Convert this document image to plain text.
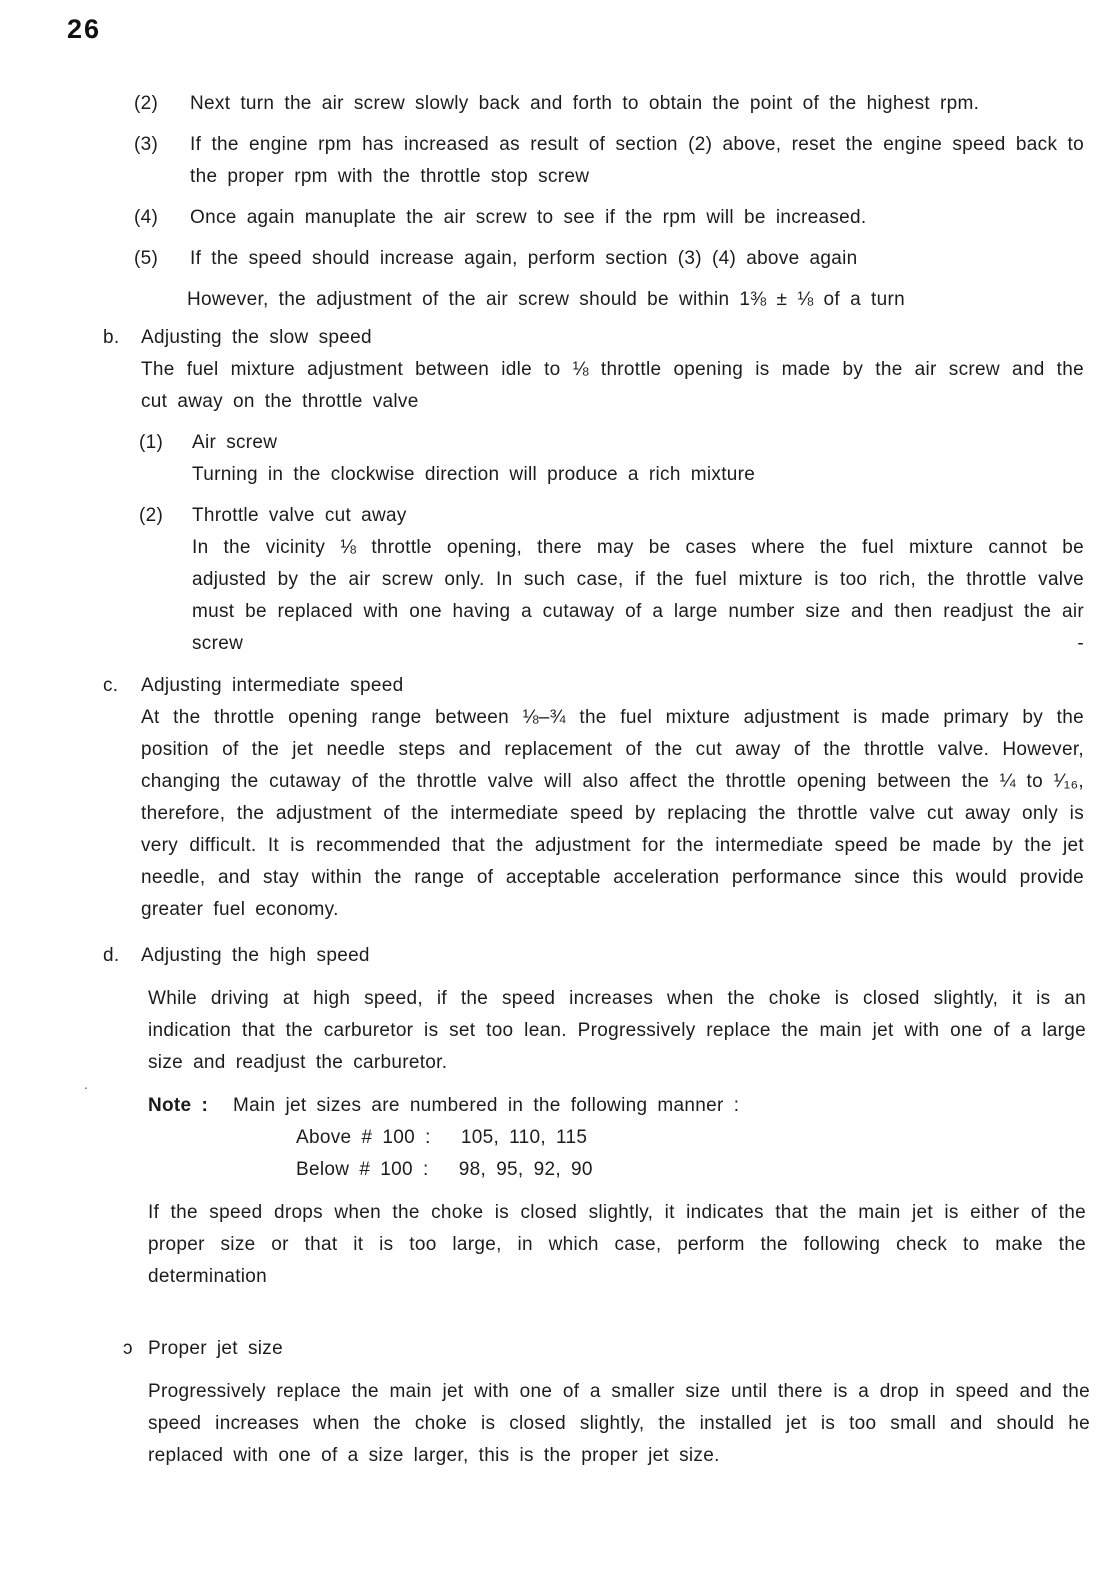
26
.
(2)	Next turn the air screw slowly back and forth to obtain the point of the highest rpm.
(3)	If the engine rpm has increased as result of section (2) above, reset the engine speed back to the proper rpm with the throttle stop screw
(4)	Once again manuplate the air screw to see if the rpm will be increased.
(5)	If the speed should increase again, perform section (3) (4) above again
However, the adjustment of the air screw should be within 1⅜ ± ⅛ of a turn
b.	Adjusting the slow speed
The fuel mixture adjustment between idle to ⅛ throttle opening is made by the air screw and the cut away on the throttle valve
(1)	Air screw
Turning in the clockwise direction will produce a rich mixture
(2)	Throttle valve cut away
In the vicinity ⅛ throttle opening, there may be cases where the fuel mixture cannot be adjusted by the air screw only. In such case, if the fuel mixture is too rich, the throttle valve must be replaced with one having a cutaway of a large number size and then readjust the air screw	-
c.	Adjusting intermediate speed
At the throttle opening range between ⅛–¾ the fuel mixture adjustment is made primary by the position of the jet needle steps and replacement of the cut away of the throttle valve. However, changing the cutaway of the throttle valve will also affect the throttle opening between the ¼ to ¹⁄₁₆, therefore, the adjustment of the intermediate speed by replacing the throttle valve cut away only is very difficult. It is recommended that the adjustment for the intermediate speed be made by the jet needle, and stay within the range of acceptable acceleration performance since this would provide greater fuel economy.
d.	Adjusting the high speed
While driving at high speed, if the speed increases when the choke is closed slightly, it is an indication that the carburetor is set too lean. Progressively replace the main jet with one of a large size and readjust the carburetor.
Note :	Main jet sizes are numbered in the following manner :
Above # 100 : 105, 110, 115
Below # 100 : 98, 95, 92, 90
If the speed drops when the choke is closed slightly, it indicates that the main jet is either of the proper size or that it is too large, in which case, perform the following check to make the determination
ɔ Proper jet size
Progressively replace the main jet with one of a smaller size until there is a drop in speed and the speed increases when the choke is closed slightly, the installed jet is too small and should he replaced with one of a size larger, this is the proper jet size.
